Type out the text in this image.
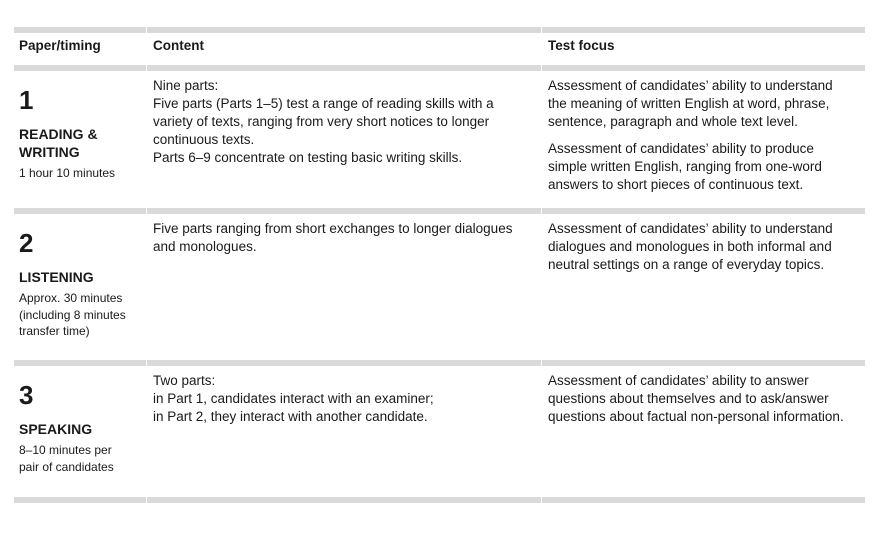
Paper/timing	Content	Test focus
1
READING &
WRITING
1 hour 10 minutes
Nine parts:
Five parts (Parts 1–5) test a range of reading skills with a
variety of texts, ranging from very short notices to longer
continuous texts.
Parts 6–9 concentrate on testing basic writing skills.

Assessment of candidates’ ability to understand
the meaning of written English at word, phrase,
sentence, paragraph and whole text level.

Assessment of candidates’ ability to produce
simple written English, ranging from one-word
answers to short pieces of continuous text.

2
LISTENING
Approx. 30 minutes
(including 8 minutes
transfer time)
Five parts ranging from short exchanges to longer dialogues
and monologues.

Assessment of candidates’ ability to understand
dialogues and monologues in both informal and
neutral settings on a range of everyday topics.

3
SPEAKING
8–10 minutes per
pair of candidates
Two parts:
in Part 1, candidates interact with an examiner;
in Part 2, they interact with another candidate.

Assessment of candidates’ ability to answer
questions about themselves and to ask/answer
questions about factual non-personal information.
